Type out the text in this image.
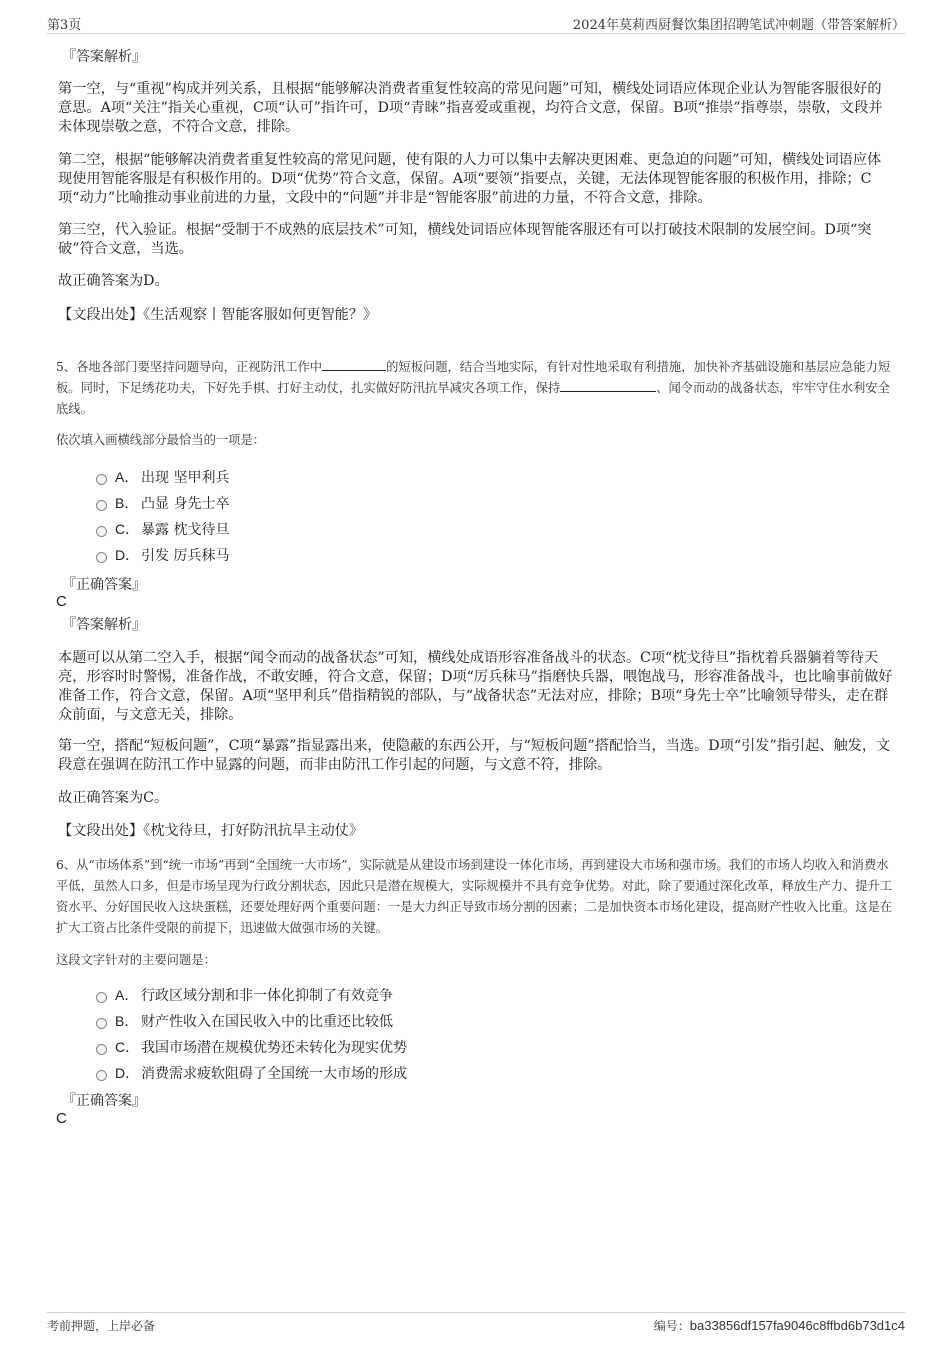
第3页	2024年莫莉西厨餐饮集团招聘笔试冲刺题（带答案解析）
『答案解析』

第一空，与“重视”构成并列关系，且根据“能够解决消费者重复性较高的常见问题”可知，横线处词语应体现企业认为智能客服很好的意思。A项“关注”指关心重视，C项“认可”指许可，D项“青睐”指喜爱或重视，均符合文意，保留。B项“推崇”指尊崇，崇敬，文段并未体现崇敬之意，不符合文意，排除。

第二空，根据“能够解决消费者重复性较高的常见问题，使有限的人力可以集中去解决更困难、更急迫的问题”可知，横线处词语应体现使用智能客服是有积极作用的。D项“优势”符合文意，保留。A项“要领”指要点，关键，无法体现智能客服的积极作用，排除；C项“动力”比喻推动事业前进的力量，文段中的“问题”并非是“智能客服”前进的力量，不符合文意，排除。

第三空，代入验证。根据“受制于不成熟的底层技术”可知，横线处词语应体现智能客服还有可以打破技术限制的发展空间。D项“突破”符合文意，当选。

故正确答案为D。
【文段出处】《生活观察丨智能客服如何更智能？》
5、各地各部门要坚持问题导向，正视防汛工作中	的短板问题，结合当地实际，有针对性地采取有利措施，加快补齐基础设施和基层应急能力短板。同时，下足绣花功夫，下好先手棋、打好主动仗，扎实做好防汛抗旱减灾各项工作，保持	、闻令而动的战备状态，牢牢守住水利安全底线。
依次填入画横线部分最恰当的一项是：
A． 出现 坚甲利兵
B． 凸显 身先士卒
C． 暴露 枕戈待旦
D． 引发 厉兵秣马
『正确答案』
C
『答案解析』

本题可以从第二空入手，根据“闻令而动的战备状态”可知，横线处成语形容准备战斗的状态。C项“枕戈待旦”指枕着兵器躺着等待天亮，形容时时警惕，准备作战，不敢安睡，符合文意，保留；D项“厉兵秣马”指磨快兵器，喂饱战马，形容准备战斗，也比喻事前做好准备工作，符合文意，保留。A项“坚甲利兵”借指精锐的部队，与“战备状态”无法对应，排除；B项“身先士卒”比喻领导带头，走在群众前面，与文意无关，排除。

第一空，搭配“短板问题”，C项“暴露”指显露出来，使隐蔽的东西公开，与“短板问题”搭配恰当，当选。D项“引发”指引起、触发，文段意在强调在防汛工作中显露的问题，而非由防汛工作引起的问题，与文意不符，排除。

故正确答案为C。
【文段出处】《枕戈待旦，打好防汛抗旱主动仗》
6、从“市场体系”到“统一市场”再到“全国统一大市场”，实际就是从建设市场到建设一体化市场，再到建设大市场和强市场。我们的市场人均收入和消费水平低，虽然人口多，但是市场呈现为行政分割状态，因此只是潜在规模大，实际规模并不具有竞争优势。对此，除了要通过深化改革，释放生产力、提升工资水平、分好国民收入这块蛋糕，还要处理好两个重要问题：一是大力纠正导致市场分割的因素；二是加快资本市场化建设，提高财产性收入比重。这是在扩大工资占比条件受限的前提下，迅速做大做强市场的关键。
这段文字针对的主要问题是：
A． 行政区域分割和非一体化抑制了有效竞争
B． 财产性收入在国民收入中的比重还比较低
C． 我国市场潜在规模优势还未转化为现实优势
D． 消费需求疲软阻碍了全国统一大市场的形成
『正确答案』
C
考前押题，上岸必备	编号：ba33856df157fa9046c8ffbd6b73d1c4
